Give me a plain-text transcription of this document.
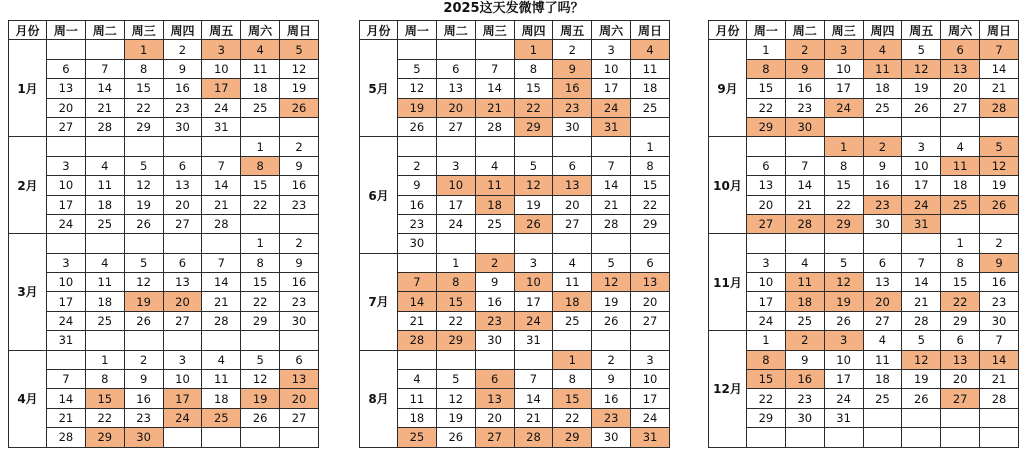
2025这天发微博了吗？
月份	周一	周二	周三	周四	周五	周六	周日
1月			1	2	3	4	5
	6	7	8	9	10	11	12
	13	14	15	16	17	18	19
	20	21	22	23	24	25	26
	27	28	29	30	31		
2月						1	2
	3	4	5	6	7	8	9
	10	11	12	13	14	15	16
	17	18	19	20	21	22	23
	24	25	26	27	28		
3月						1	2
	3	4	5	6	7	8	9
	10	11	12	13	14	15	16
	17	18	19	20	21	22	23
	24	25	26	27	28	29	30
	31						
4月		1	2	3	4	5	6
	7	8	9	10	11	12	13
	14	15	16	17	18	19	20
	21	22	23	24	25	26	27
	28	29	30				
月份	周一	周二	周三	周四	周五	周六	周日
5月				1	2	3	4
	5	6	7	8	9	10	11
	12	13	14	15	16	17	18
	19	20	21	22	23	24	25
	26	27	28	29	30	31	
6月							1
	2	3	4	5	6	7	8
	9	10	11	12	13	14	15
	16	17	18	19	20	21	22
	23	24	25	26	27	28	29
	30						
7月		1	2	3	4	5	6
	7	8	9	10	11	12	13
	14	15	16	17	18	19	20
	21	22	23	24	25	26	27
	28	29	30	31			
8月					1	2	3
	4	5	6	7	8	9	10
	11	12	13	14	15	16	17
	18	19	20	21	22	23	24
	25	26	27	28	29	30	31
月份	周一	周二	周三	周四	周五	周六	周日
9月	1	2	3	4	5	6	7
	8	9	10	11	12	13	14
	15	16	17	18	19	20	21
	22	23	24	25	26	27	28
	29	30					
10月			1	2	3	4	5
	6	7	8	9	10	11	12
	13	14	15	16	17	18	19
	20	21	22	23	24	25	26
	27	28	29	30	31		
11月						1	2
	3	4	5	6	7	8	9
	10	11	12	13	14	15	16
	17	18	19	20	21	22	23
	24	25	26	27	28	29	30
12月	1	2	3	4	5	6	7
	8	9	10	11	12	13	14
	15	16	17	18	19	20	21
	22	23	24	25	26	27	28
	29	30	31				
